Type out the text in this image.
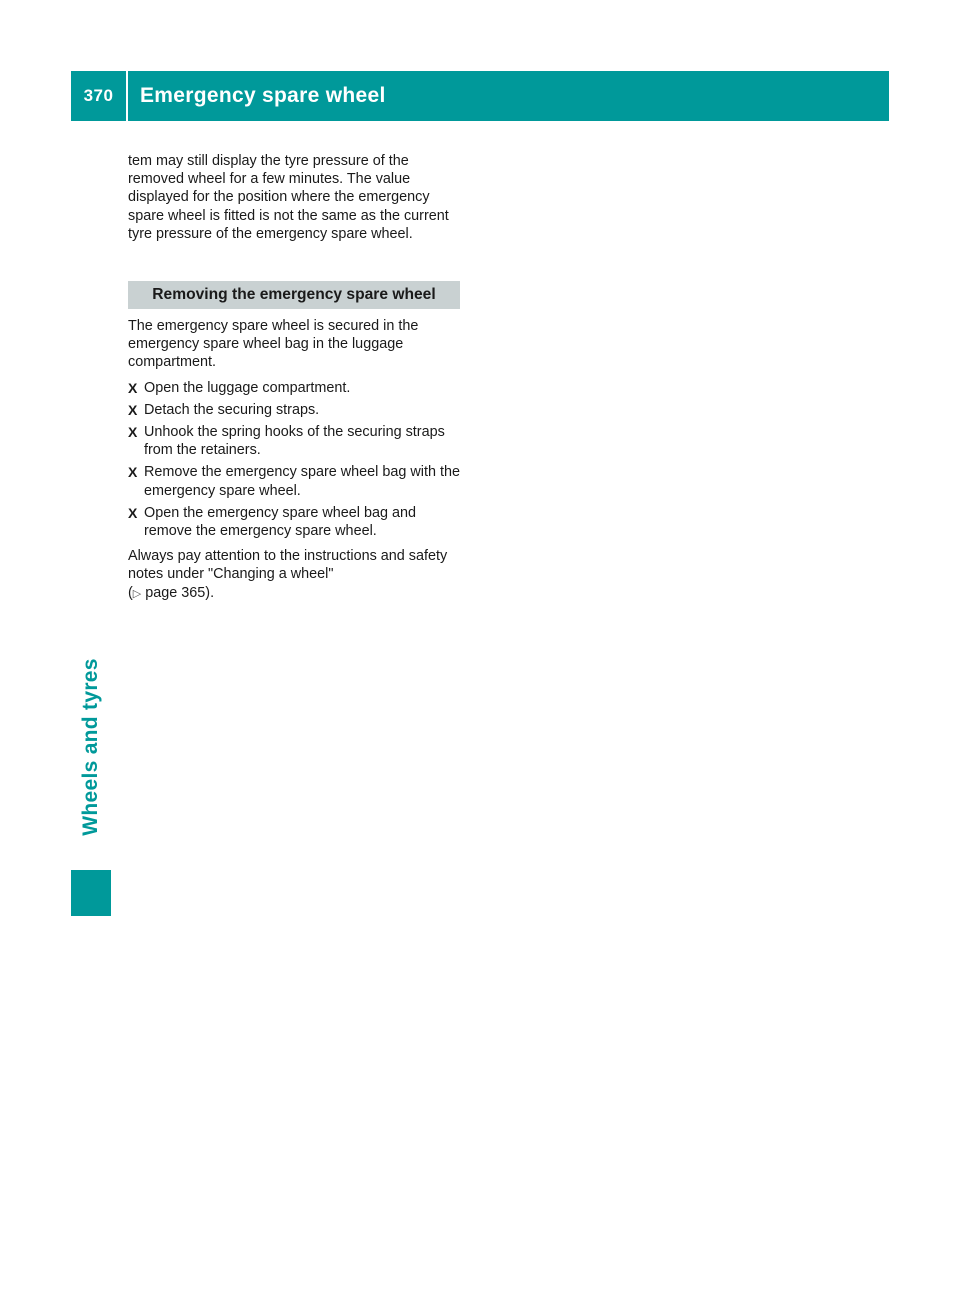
370	Emergency spare wheel
Wheels and tyres

tem may still display the tyre pressure of the removed wheel for a few minutes. The value displayed for the position where the emergency spare wheel is fitted is not the same as the current tyre pressure of the emergency spare wheel.

Removing the emergency spare wheel

The emergency spare wheel is secured in the emergency spare wheel bag in the luggage compartment.

X Open the luggage compartment.
X Detach the securing straps.
X Unhook the spring hooks of the securing straps from the retainers.
X Remove the emergency spare wheel bag with the emergency spare wheel.
X Open the emergency spare wheel bag and remove the emergency spare wheel.

Always pay attention to the instructions and safety notes under "Changing a wheel"
(▷ page 365).
